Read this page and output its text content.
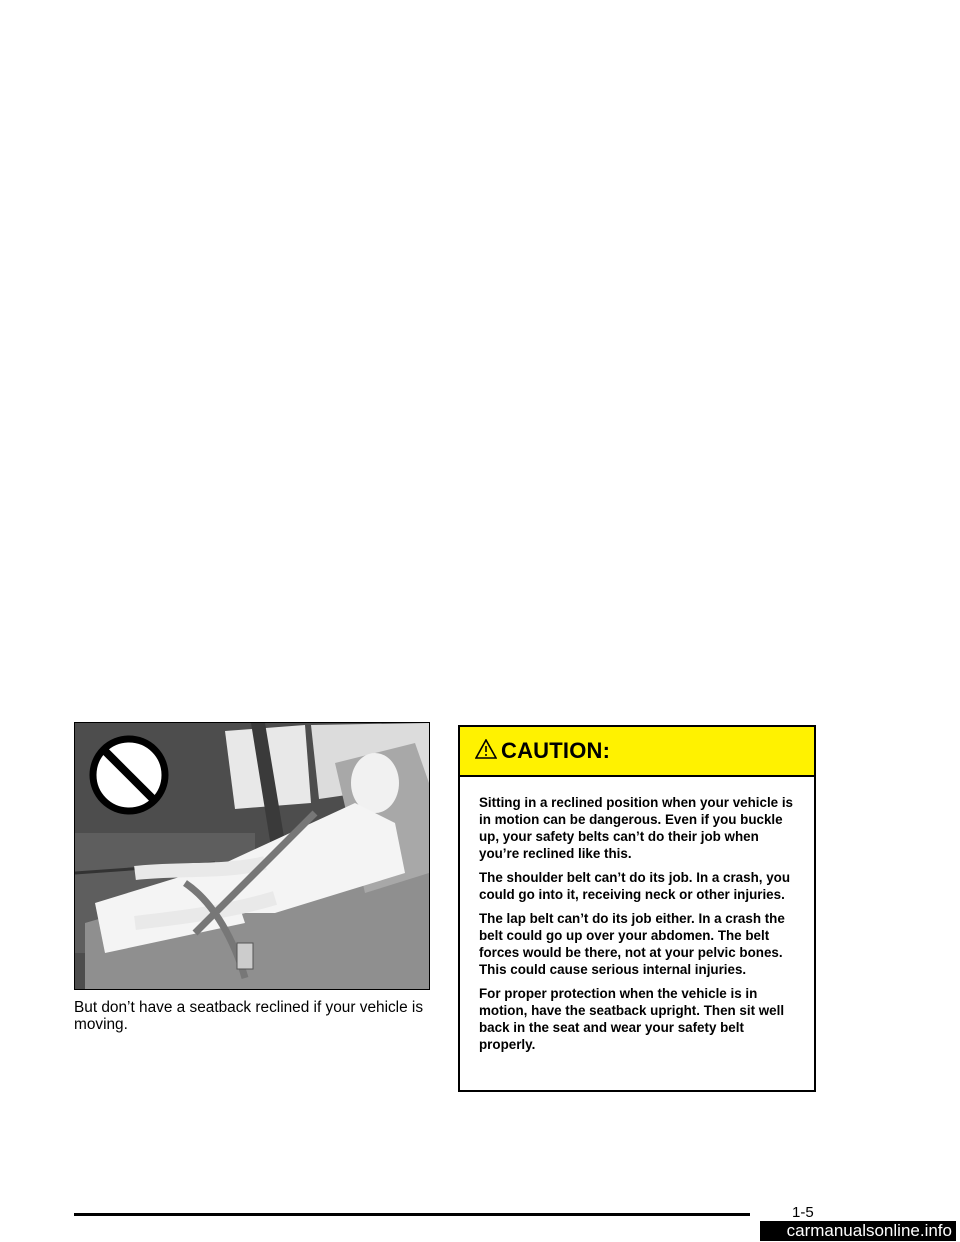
But don’t have a seatback reclined if your vehicle is moving.
CAUTION:

Sitting in a reclined position when your vehicle is in motion can be dangerous. Even if you buckle up, your safety belts can’t do their job when you’re reclined like this.

The shoulder belt can’t do its job. In a crash, you could go into it, receiving neck or other injuries.

The lap belt can’t do its job either. In a crash the belt could go up over your abdomen. The belt forces would be there, not at your pelvic bones. This could cause serious internal injuries.

For proper protection when the vehicle is in motion, have the seatback upright. Then sit well back in the seat and wear your safety belt properly.

1-5
carmanualsonline.info
